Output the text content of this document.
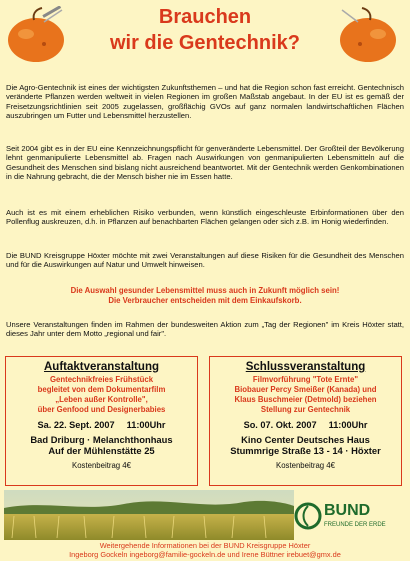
Brauchen
wir die Gentechnik?
Die Agro-Gentechnik ist eines der wichtigsten Zukunftsthemen – und hat die Region schon fast erreicht. Gentechnisch veränderte Pflanzen werden weltweit in vielen Regionen im großen Maßstab angebaut. In der EU ist es gemäß der Freisetzungsrichtlinien seit 2005 zugelassen, großflächig GVOs auf ganz normalen landwirtschaftlichen Flächen auszubringen um Futter und Lebensmittel herzustellen.
Seit 2004 gibt es in der EU eine Kennzeichnungspflicht für genveränderte Lebensmittel. Der Großteil der Bevölkerung lehnt genmanipulierte Lebensmittel ab. Fragen nach Auswirkungen von genmanipulierten Lebensmitteln auf die Gesundheit des Menschen sind bislang nicht ausreichend beantwortet. Mit der Gentechnik werden Genkombinationen in die Nahrung gebracht, die der Mensch bisher nie im Essen hatte.
Auch ist es mit einem erheblichen Risiko verbunden, wenn künstlich eingeschleuste Erbinformationen über den Pollenflug auskreuzen, d.h. in Pflanzen auf benachbarten Flächen gelangen oder sich z.B. im Honig wiederfinden.
Die BUND Kreisgruppe Höxter möchte mit zwei Veranstaltungen auf diese Risiken für die Gesundheit des Menschen und für die Auswirkungen auf Natur und Umwelt hinweisen.
Die Auswahl gesunder Lebensmittel muss auch in Zukunft möglich sein!
Die Verbraucher entscheiden mit dem Einkaufskorb.
Unsere Veranstaltungen finden im Rahmen der bundesweiten Aktion zum „Tag der Regionen" im Kreis Höxter statt, dieses Jahr unter dem Motto „regional und fair".
Auftaktveranstaltung
Gentechnikfreies Frühstück
begleitet von dem Dokumentarfilm
„Leben außer Kontrolle",
über Genfood und Designerbabies
Sa. 22. Sept. 2007 11:00Uhr
Bad Driburg · Melanchthonhaus
Auf der Mühlenstätte 25
Kostenbeitrag 4€
Schlussveranstaltung
Filmvorführung "Tote Ernte"
Biobauer Percy Smeißer (Kanada) und
Klaus Buschmeier (Detmold) beziehen
Stellung zur Gentechnik
So. 07. Okt. 2007 11:00Uhr
Kino Center Deutsches Haus
Stummrige Straße 13 - 14 · Höxter
Kostenbeitrag 4€
BUND
FREUNDE DER ERDE
Weitergehende Informationen bei der BUND Kreisgruppe Höxter
Ingeborg Gockeln ingeborg@familie-gockeln.de und Irene Büttner irebuet@gmx.de
